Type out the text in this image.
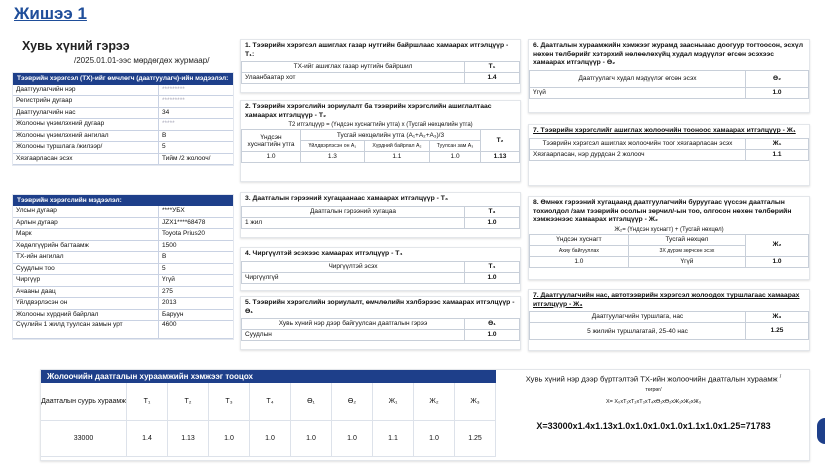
Жишээ 1
Хувь хүний гэрээ
/2025.01.01-ээс мөрдөгдөх журмаар/
Тээврийн хэрэгсэл (ТХ)-ийг өмчлөгч (даатгуулагч)-ийн мэдээлэл:
Даатгуулагчийн нэр	*********
Регистрийн дугаар	*********
Даатгуулагчийн нас	34
Жолооны үнэмлэхний дугаар	*****
Жолооны үнэмлэхний ангилал	B
Жолооны туршлага /жилээр/	5
Хязгаарласан эсэх	Тийм /2 жолооч/
Тээврийн хэрэгслийн мэдээлэл:
Улсын дугаар	****УБХ
Арлын дугаар	JZX1****68478
Марк	Toyota Prius20
Хөдөлгүүрийн багтаамж	1500
ТХ-ийн ангилал	B
Суудлын тоо	5
Чиргүүр	Үгүй
Ачааны даац	275
Үйлдвэрлэсэн он	2013
Жолооны хүрдний байрлал	Баруун
Сүүлийн 1 жилд туулсан замын урт	4600
1. Тээврийн хэрэгсэл ашиглах газар нутгийн байршлаас хамаарах итгэлцүүр - Т₁:
ТХ-ийг ашиглах газар нутгийн байршил	Т₁
Улаанбаатар хот	1.4
2. Тээврийн хэрэгслийн зориулалт ба тээврийн хэрэгслийн ашиглалтаас хамаарах итгэлцүүр - Т₂
Т2 итгэлцүүр = (Үндсэн хуснагтийн утга) х (Тусгай нөхцөлийн утга)
Үндсэн хуснагтийн утга	Тусгай нөхцөлийн утга (А₁+А₂+А₃)/3			Т₂
	Үйлдвэрлэсэн он А₁	Хүрдний байрлал А₂	Туулсан зам А₃	
1.0	1.3	1.1	1.0	1.13
3. Даатгалын гэрээний хугацаанаас хамаарах итгэлцүүр - Т₃
Даатгалын гэрээний хугацаа	Т₃
1 жил	1.0
4. Чиргүүлтэй эсэхээс хамаарах итгэлцүүр - Т₄
Чиргүүлтэй эсэх	Т₄
Чиргүүлгүй	1.0
5. Тээврийн хэрэгслийн зориулалт, өмчлөлийн хэлбэрээс хамаарах итгэлцүүр - ϴ₁
Хувь хүний нэр дээр байгуулсан даатгалын гэрээ	ϴ₁
Суудлын	1.0
6. Даатгалын хураамжийн хэмжээг журамд заасныаас доогуур тогтоосон, эсхүл нөхөн төлбөрийг хэтэрхий нөлөөлөхүйц худал мэдүүлэг өгсөн эсэхээс хамаарах итгэлцүүр - ϴ₂
Даатгуулагч худал мэдүүлэг өгсөн эсэх	ϴ₂
Үгүй	1.0
7. Тээврийн хэрэгслийг ашиглах жолоочийн тооноос хамаарах итгэлцүүр - Ж₁
Тээврийн хэрэгсэл ашиглах жолоочийн тоог хязгаарласан эсэх	Ж₁
Хязгаарласан, нэр дурдсан 2 жолооч	1.1
8. Өмнөх гэрээний хугацаанд даатгуулагчийн буруугаас үүссэн даатгалын тохиолдол /зам тээврийн осолын зөрчил/-ын тоо, олгосон нөхөн төлбөрийн хэмжээнээс хамаарах итгэлцүүр - Ж₂
Ж₂= (Үндсэн хуснагт) + (Тусгай нөхцөл)
Үндсэн хуснагт	Тусгай нөхцөл	Ж₂
Ахиу байгууллах	3Х дүрэм зөрчсөн эсэх	
1.0	Үгүй	1.0
7. Даатгуулагчийн нас, автотээврийн хэрэгсэл жолоодох туршлагаас хамаарах итгэлцүүр - Ж₃
Даатгуулагчийн туршлага, нас	Ж₃
5 жилийн туршлагатай, 25-40 нас	1.25
Жолоочийн даатгалын хураамжийн хэмжээг тооцох
Даатгалын суурь хураамж	Т₁	Т₂	Т₃	Т₄	ϴ₁	ϴ₂	Ж₁	Ж₂	Ж₃
33000	1.4	1.13	1.0	1.0	1.0	1.0	1.1	1.0	1.25
Хувь хүний нэр дээр бүртгэлтэй ТХ-ийн жолоочийн даатгалын хураамж $^{/төгрөг/}$
X= X₀хТ₁хТ₂хТ₃хТ₄хϴ₁хϴ₂хЖ₁хЖ₂хЖ₃
X=33000x1.4x1.13x1.0x1.0x1.0x1.0x1.1x1.0x1.25=71783
